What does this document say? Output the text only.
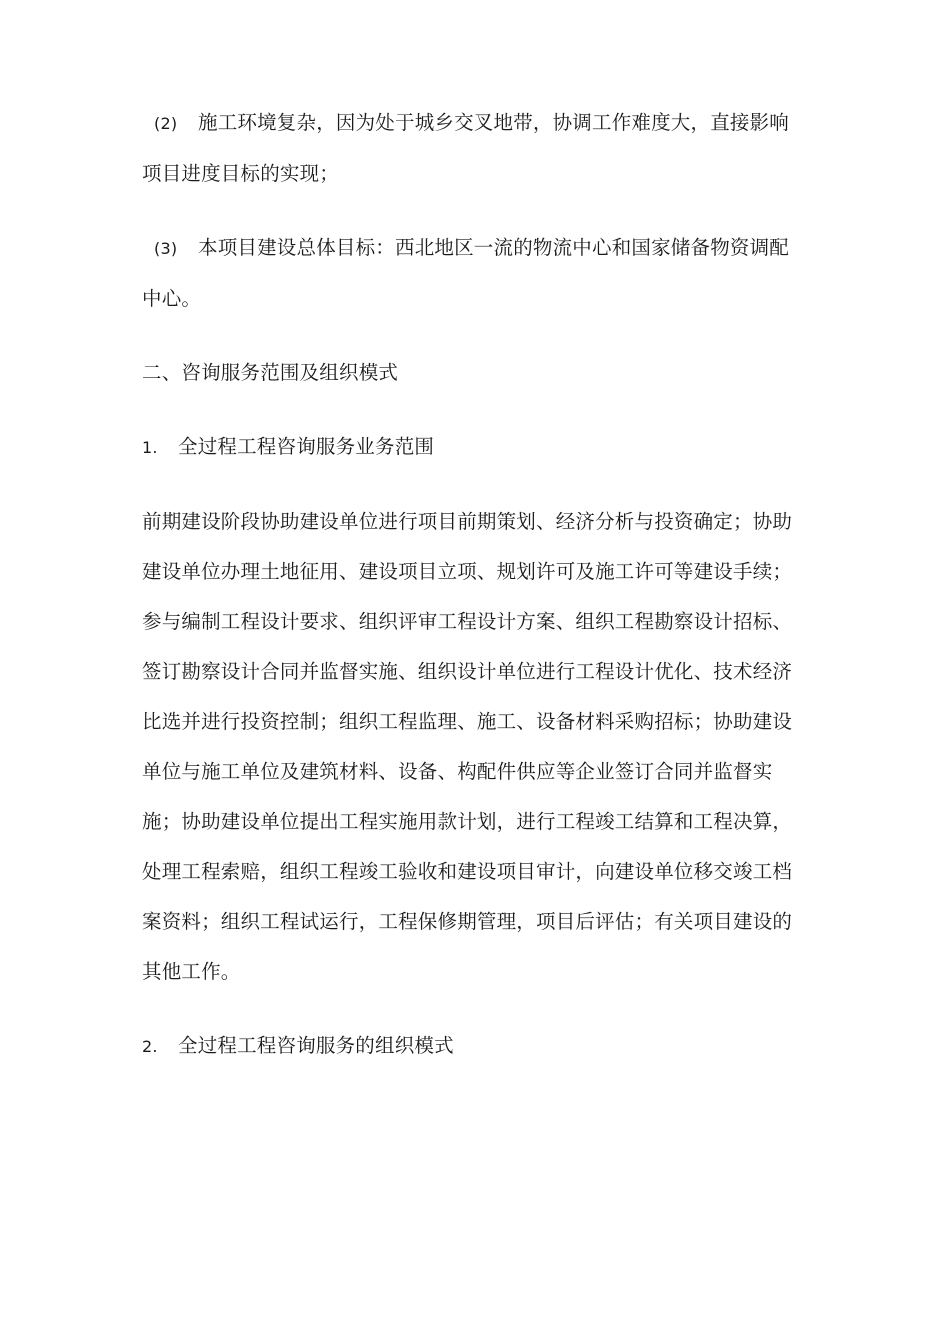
(2) 施工环境复杂，因为处于城乡交叉地带，协调工作难度大，直接影响项目进度目标的实现；

(3) 本项目建设总体目标：西北地区一流的物流中心和国家储备物资调配中心。

二、咨询服务范围及组织模式

1. 全过程工程咨询服务业务范围

前期建设阶段协助建设单位进行项目前期策划、经济分析与投资确定；协助建设单位办理土地征用、建设项目立项、规划许可及施工许可等建设手续；参与编制工程设计要求、组织评审工程设计方案、组织工程勘察设计招标、签订勘察设计合同并监督实施、组织设计单位进行工程设计优化、技术经济比选并进行投资控制；组织工程监理、施工、设备材料采购招标；协助建设单位与施工单位及建筑材料、设备、构配件供应等企业签订合同并监督实施；协助建设单位提出工程实施用款计划，进行工程竣工结算和工程决算，处理工程索赔，组织工程竣工验收和建设项目审计，向建设单位移交竣工档案资料；组织工程试运行，工程保修期管理，项目后评估；有关项目建设的其他工作。

2. 全过程工程咨询服务的组织模式
